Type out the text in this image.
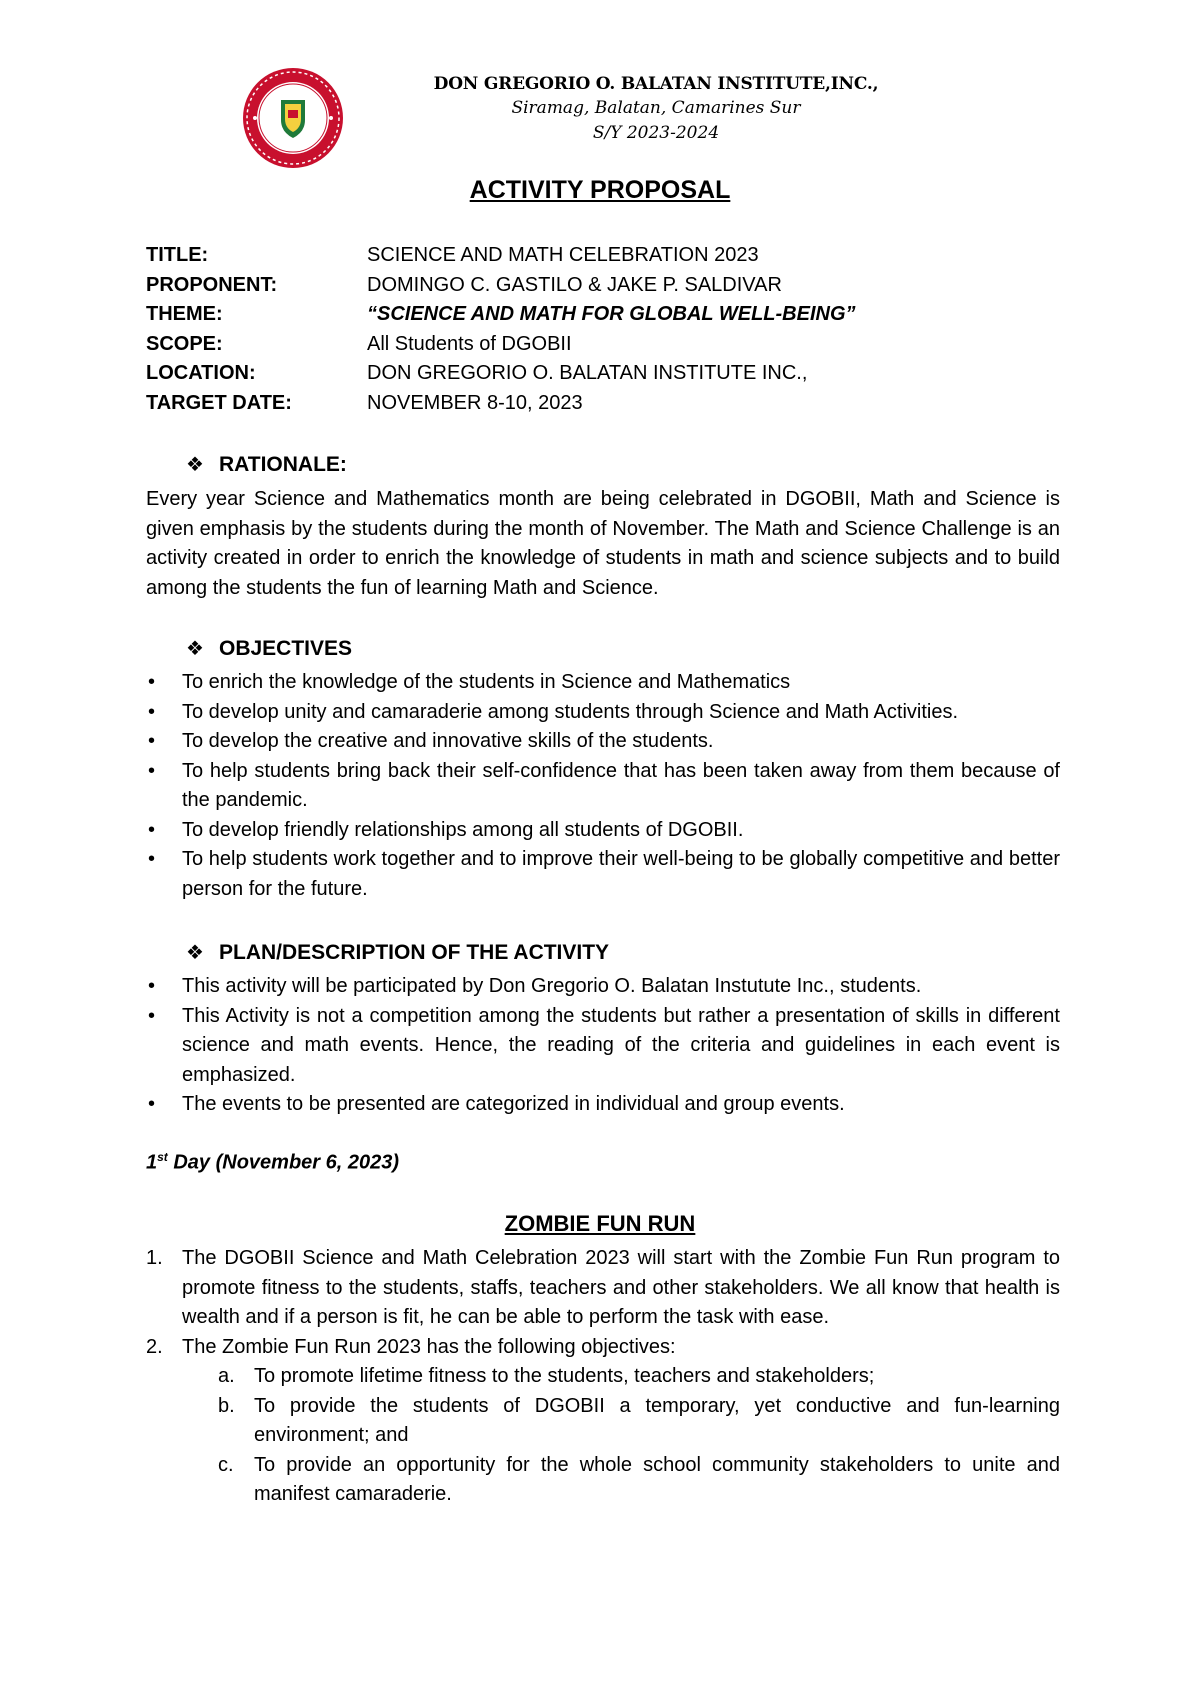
DON GREGORIO O. BALATAN INSTITUTE,INC.,
Siramag, Balatan, Camarines Sur
S/Y 2023-2024
ACTIVITY PROPOSAL
TITLE:	SCIENCE AND MATH CELEBRATION 2023
PROPONENT:	DOMINGO C. GASTILO & JAKE P. SALDIVAR
THEME:	“SCIENCE AND MATH FOR GLOBAL WELL-BEING”
SCOPE:	All Students of DGOBII
LOCATION:	DON GREGORIO O. BALATAN INSTITUTE INC.,
TARGET DATE:	NOVEMBER 8-10, 2023
❖ RATIONALE:
Every year Science and Mathematics month are being celebrated in DGOBII, Math and Science is given emphasis by the students during the month of November. The Math and Science Challenge is an activity created in order to enrich the knowledge of students in math and science subjects and to build among the students the fun of learning Math and Science.
❖ OBJECTIVES
• To enrich the knowledge of the students in Science and Mathematics
• To develop unity and camaraderie among students through Science and Math Activities.
• To develop the creative and innovative skills of the students.
• To help students bring back their self-confidence that has been taken away from them because of the pandemic.
• To develop friendly relationships among all students of DGOBII.
• To help students work together and to improve their well-being to be globally competitive and better person for the future.
❖ PLAN/DESCRIPTION OF THE ACTIVITY
• This activity will be participated by Don Gregorio O. Balatan Instutute Inc., students.
• This Activity is not a competition among the students but rather a presentation of skills in different science and math events. Hence, the reading of the criteria and guidelines in each event is emphasized.
• The events to be presented are categorized in individual and group events.
1st Day (November 6, 2023)
ZOMBIE FUN RUN
1. The DGOBII Science and Math Celebration 2023 will start with the Zombie Fun Run program to promote fitness to the students, staffs, teachers and other stakeholders. We all know that health is wealth and if a person is fit, he can be able to perform the task with ease.
2. The Zombie Fun Run 2023 has the following objectives:
a. To promote lifetime fitness to the students, teachers and stakeholders;
b. To provide the students of DGOBII a temporary, yet conductive and fun-learning environment; and
c. To provide an opportunity for the whole school community stakeholders to unite and manifest camaraderie.
